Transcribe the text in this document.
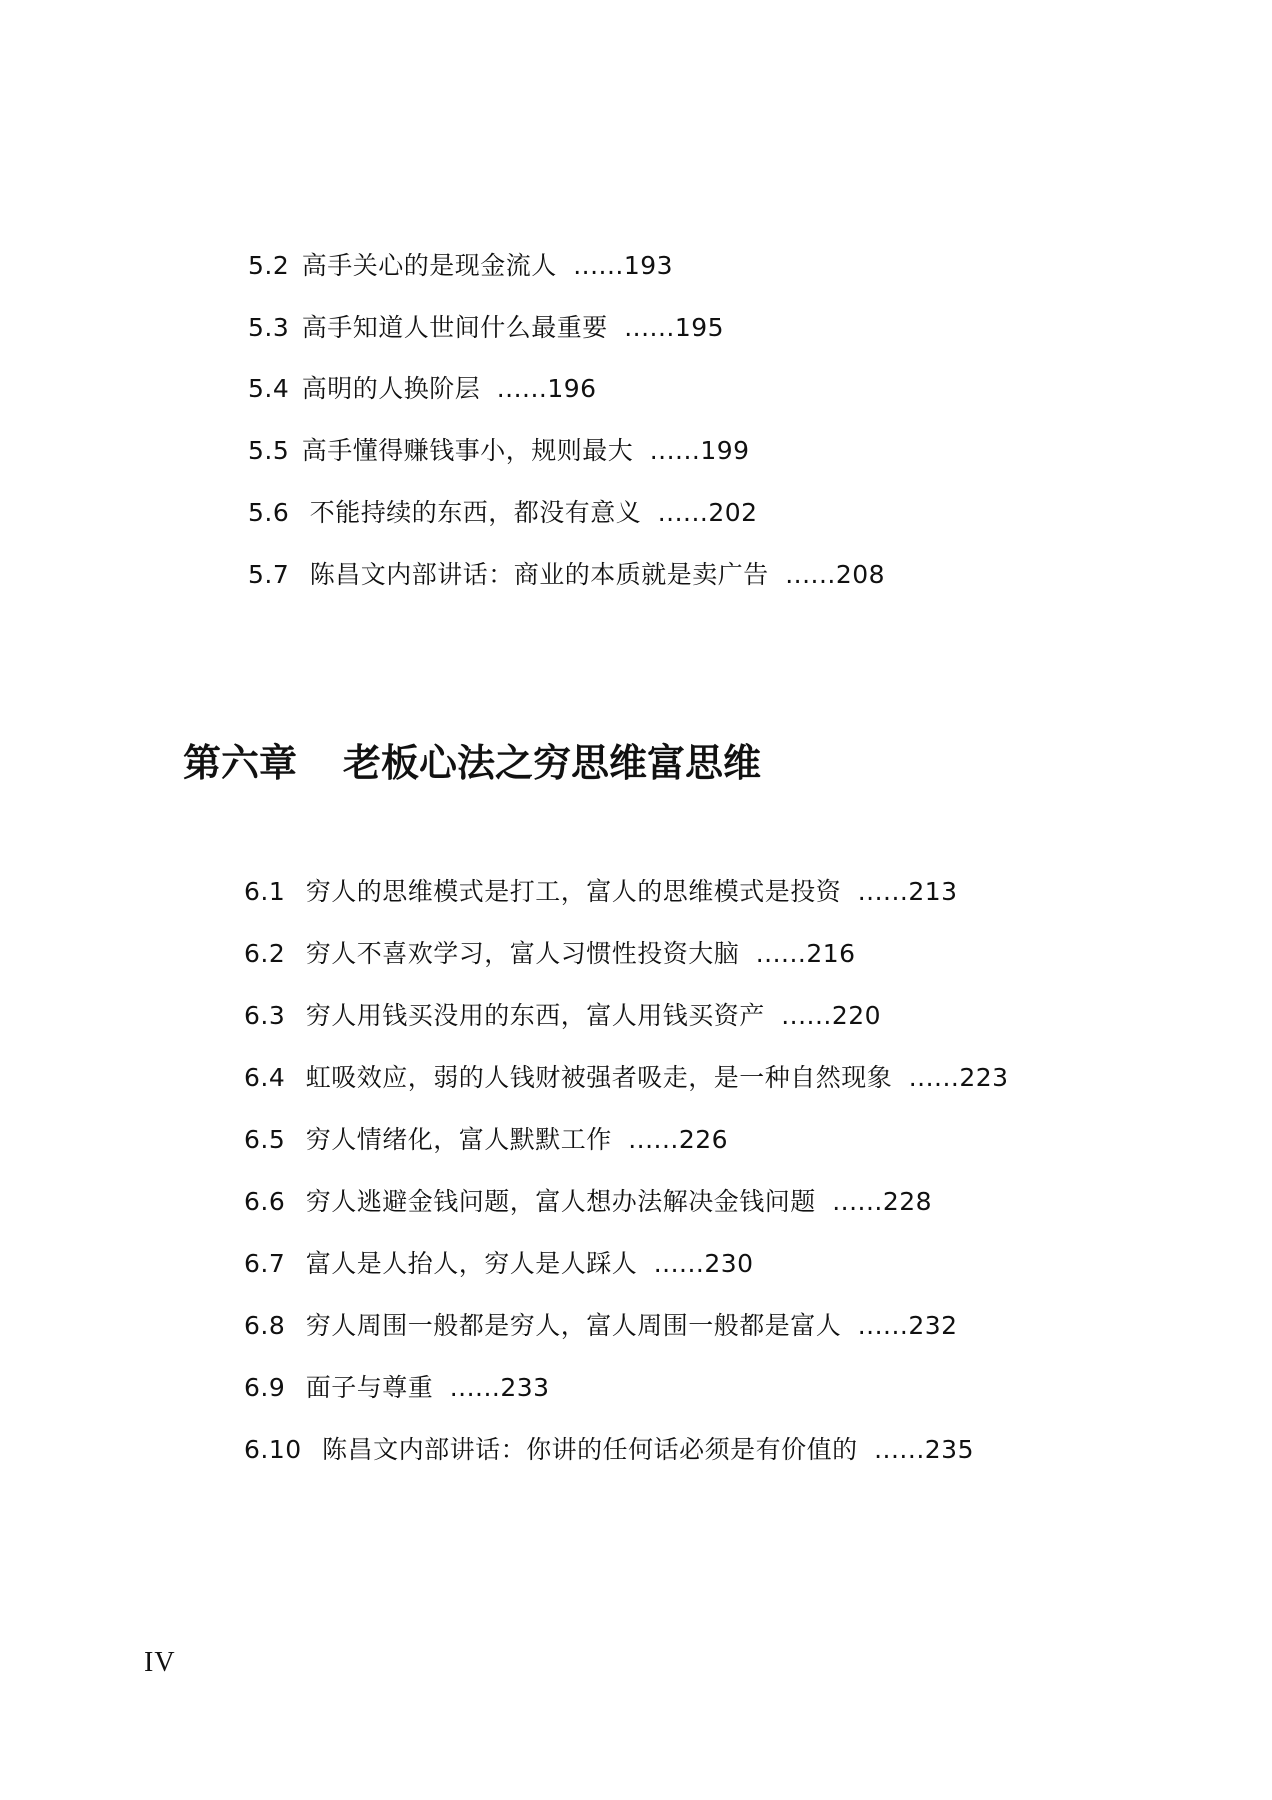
5.2 高手关心的是现金流人 ......193
5.3 高手知道人世间什么最重要 ......195
5.4 高明的人换阶层 ......196
5.5 高手懂得赚钱事小，规则最大 ......199
5.6 不能持续的东西，都没有意义 ......202
5.7 陈昌文内部讲话：商业的本质就是卖广告 ......208
第六章 老板心法之穷思维富思维
6.1 穷人的思维模式是打工，富人的思维模式是投资 ......213
6.2 穷人不喜欢学习，富人习惯性投资大脑 ......216
6.3 穷人用钱买没用的东西，富人用钱买资产 ......220
6.4 虹吸效应，弱的人钱财被强者吸走，是一种自然现象 ......223
6.5 穷人情绪化，富人默默工作 ......226
6.6 穷人逃避金钱问题，富人想办法解决金钱问题 ......228
6.7 富人是人抬人，穷人是人踩人 ......230
6.8 穷人周围一般都是穷人，富人周围一般都是富人 ......232
6.9 面子与尊重 ......233
6.10 陈昌文内部讲话：你讲的任何话必须是有价值的 ......235
IV
